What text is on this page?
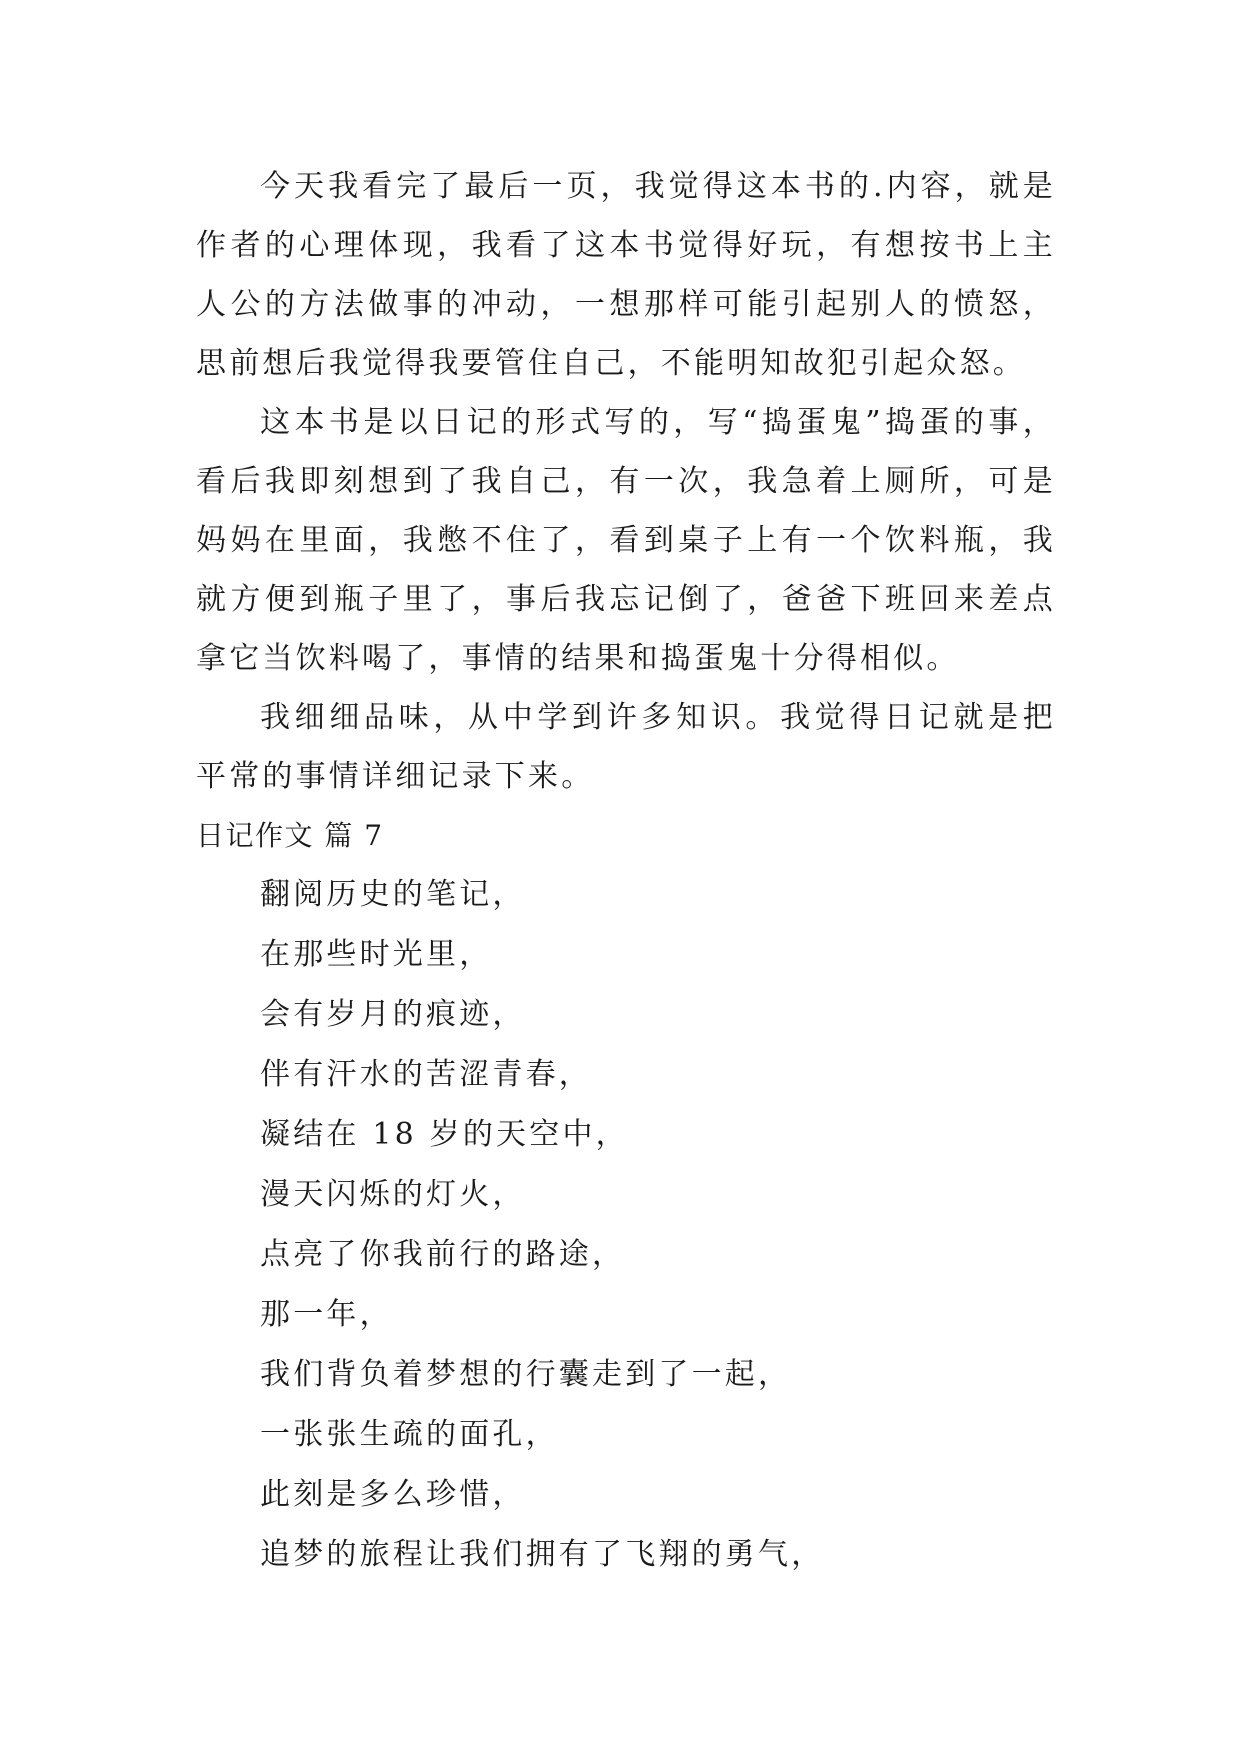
今天我看完了最后一页，我觉得这本书的.内容，就是作者的心理体现，我看了这本书觉得好玩，有想按书上主人公的方法做事的冲动，一想那样可能引起别人的愤怒，思前想后我觉得我要管住自己，不能明知故犯引起众怒。

这本书是以日记的形式写的，写“捣蛋鬼”捣蛋的事，看后我即刻想到了我自己，有一次，我急着上厕所，可是妈妈在里面，我憋不住了，看到桌子上有一个饮料瓶，我就方便到瓶子里了，事后我忘记倒了，爸爸下班回来差点拿它当饮料喝了，事情的结果和捣蛋鬼十分得相似。

我细细品味，从中学到许多知识。我觉得日记就是把平常的事情详细记录下来。

日记作文 篇 7

翻阅历史的笔记，

在那些时光里，

会有岁月的痕迹，

伴有汗水的苦涩青春，

凝结在 18 岁的天空中，

漫天闪烁的灯火，

点亮了你我前行的路途，

那一年，

我们背负着梦想的行囊走到了一起，

一张张生疏的面孔，

此刻是多么珍惜，

追梦的旅程让我们拥有了飞翔的勇气，
